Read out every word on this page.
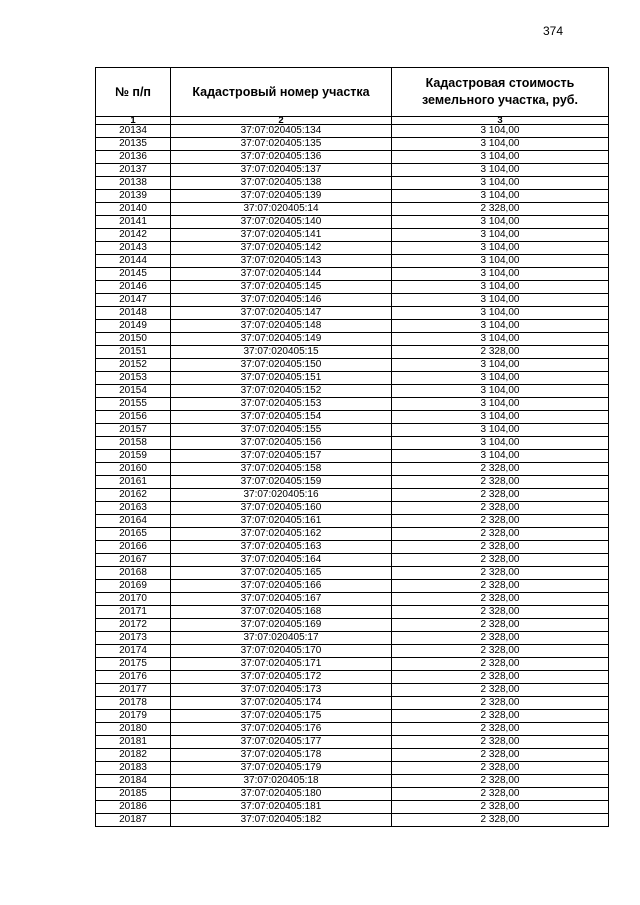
374
№ п/п	Кадастровый номер участка	Кадастровая стоимость земельного участка, руб.
1	2	3
20134	37:07:020405:134	3 104,00
20135	37:07:020405:135	3 104,00
20136	37:07:020405:136	3 104,00
20137	37:07:020405:137	3 104,00
20138	37:07:020405:138	3 104,00
20139	37:07:020405:139	3 104,00
20140	37:07:020405:14	2 328,00
20141	37:07:020405:140	3 104,00
20142	37:07:020405:141	3 104,00
20143	37:07:020405:142	3 104,00
20144	37:07:020405:143	3 104,00
20145	37:07:020405:144	3 104,00
20146	37:07:020405:145	3 104,00
20147	37:07:020405:146	3 104,00
20148	37:07:020405:147	3 104,00
20149	37:07:020405:148	3 104,00
20150	37:07:020405:149	3 104,00
20151	37:07:020405:15	2 328,00
20152	37:07:020405:150	3 104,00
20153	37:07:020405:151	3 104,00
20154	37:07:020405:152	3 104,00
20155	37:07:020405:153	3 104,00
20156	37:07:020405:154	3 104,00
20157	37:07:020405:155	3 104,00
20158	37:07:020405:156	3 104,00
20159	37:07:020405:157	3 104,00
20160	37:07:020405:158	2 328,00
20161	37:07:020405:159	2 328,00
20162	37:07:020405:16	2 328,00
20163	37:07:020405:160	2 328,00
20164	37:07:020405:161	2 328,00
20165	37:07:020405:162	2 328,00
20166	37:07:020405:163	2 328,00
20167	37:07:020405:164	2 328,00
20168	37:07:020405:165	2 328,00
20169	37:07:020405:166	2 328,00
20170	37:07:020405:167	2 328,00
20171	37:07:020405:168	2 328,00
20172	37:07:020405:169	2 328,00
20173	37:07:020405:17	2 328,00
20174	37:07:020405:170	2 328,00
20175	37:07:020405:171	2 328,00
20176	37:07:020405:172	2 328,00
20177	37:07:020405:173	2 328,00
20178	37:07:020405:174	2 328,00
20179	37:07:020405:175	2 328,00
20180	37:07:020405:176	2 328,00
20181	37:07:020405:177	2 328,00
20182	37:07:020405:178	2 328,00
20183	37:07:020405:179	2 328,00
20184	37:07:020405:18	2 328,00
20185	37:07:020405:180	2 328,00
20186	37:07:020405:181	2 328,00
20187	37:07:020405:182	2 328,00
